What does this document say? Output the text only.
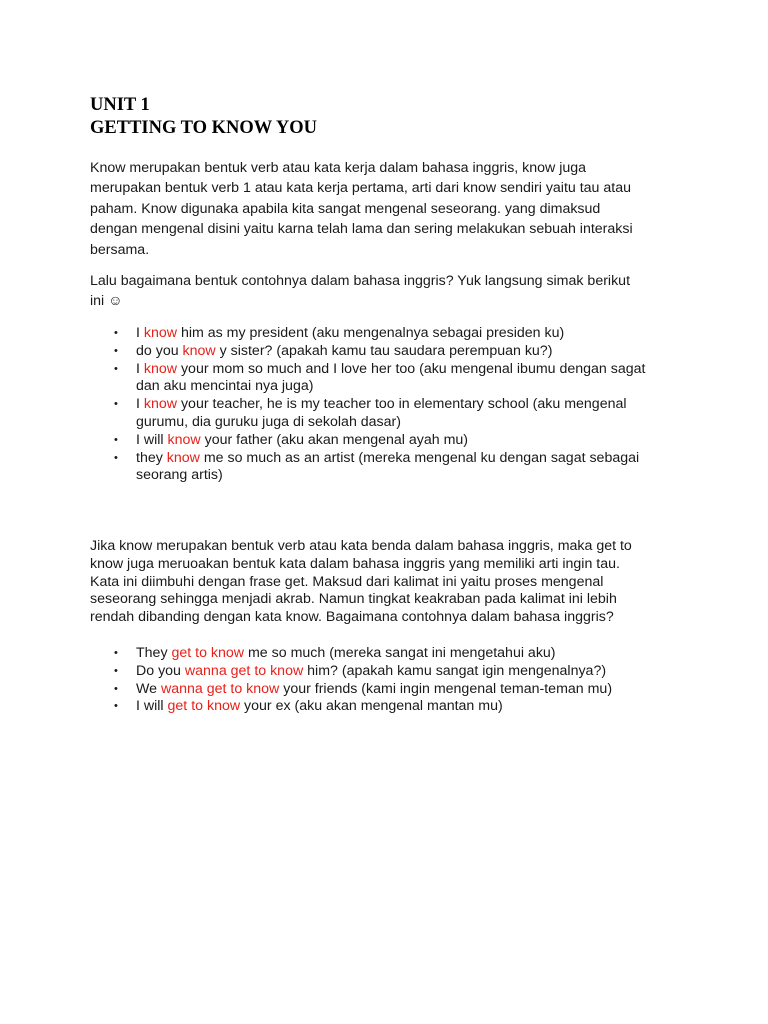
UNIT 1
GETTING TO KNOW YOU
Know merupakan bentuk verb atau kata kerja dalam bahasa inggris, know juga
merupakan bentuk verb 1 atau kata kerja pertama, arti dari know sendiri yaitu tau atau
paham. Know digunaka apabila kita sangat mengenal seseorang. yang dimaksud
dengan mengenal disini yaitu karna telah lama dan sering melakukan sebuah interaksi
bersama.
Lalu bagaimana bentuk contohnya dalam bahasa inggris? Yuk langsung simak berikut
ini ☺
• I know him as my president (aku mengenalnya sebagai presiden ku)
• do you know y sister? (apakah kamu tau saudara perempuan ku?)
• I know your mom so much and I love her too (aku mengenal ibumu dengan sagat
dan aku mencintai nya juga)
• I know your teacher, he is my teacher too in elementary school (aku mengenal
gurumu, dia guruku juga di sekolah dasar)
• I will know your father (aku akan mengenal ayah mu)
• they know me so much as an artist (mereka mengenal ku dengan sagat sebagai
seorang artis)
Jika know merupakan bentuk verb atau kata benda dalam bahasa inggris, maka get to
know juga meruoakan bentuk kata dalam bahasa inggris yang memiliki arti ingin tau.
Kata ini diimbuhi dengan frase get. Maksud dari kalimat ini yaitu proses mengenal
seseorang sehingga menjadi akrab. Namun tingkat keakraban pada kalimat ini lebih
rendah dibanding dengan kata know. Bagaimana contohnya dalam bahasa inggris?
• They get to know me so much (mereka sangat ini mengetahui aku)
• Do you wanna get to know him? (apakah kamu sangat igin mengenalnya?)
• We wanna get to know your friends (kami ingin mengenal teman-teman mu)
• I will get to know your ex (aku akan mengenal mantan mu)
